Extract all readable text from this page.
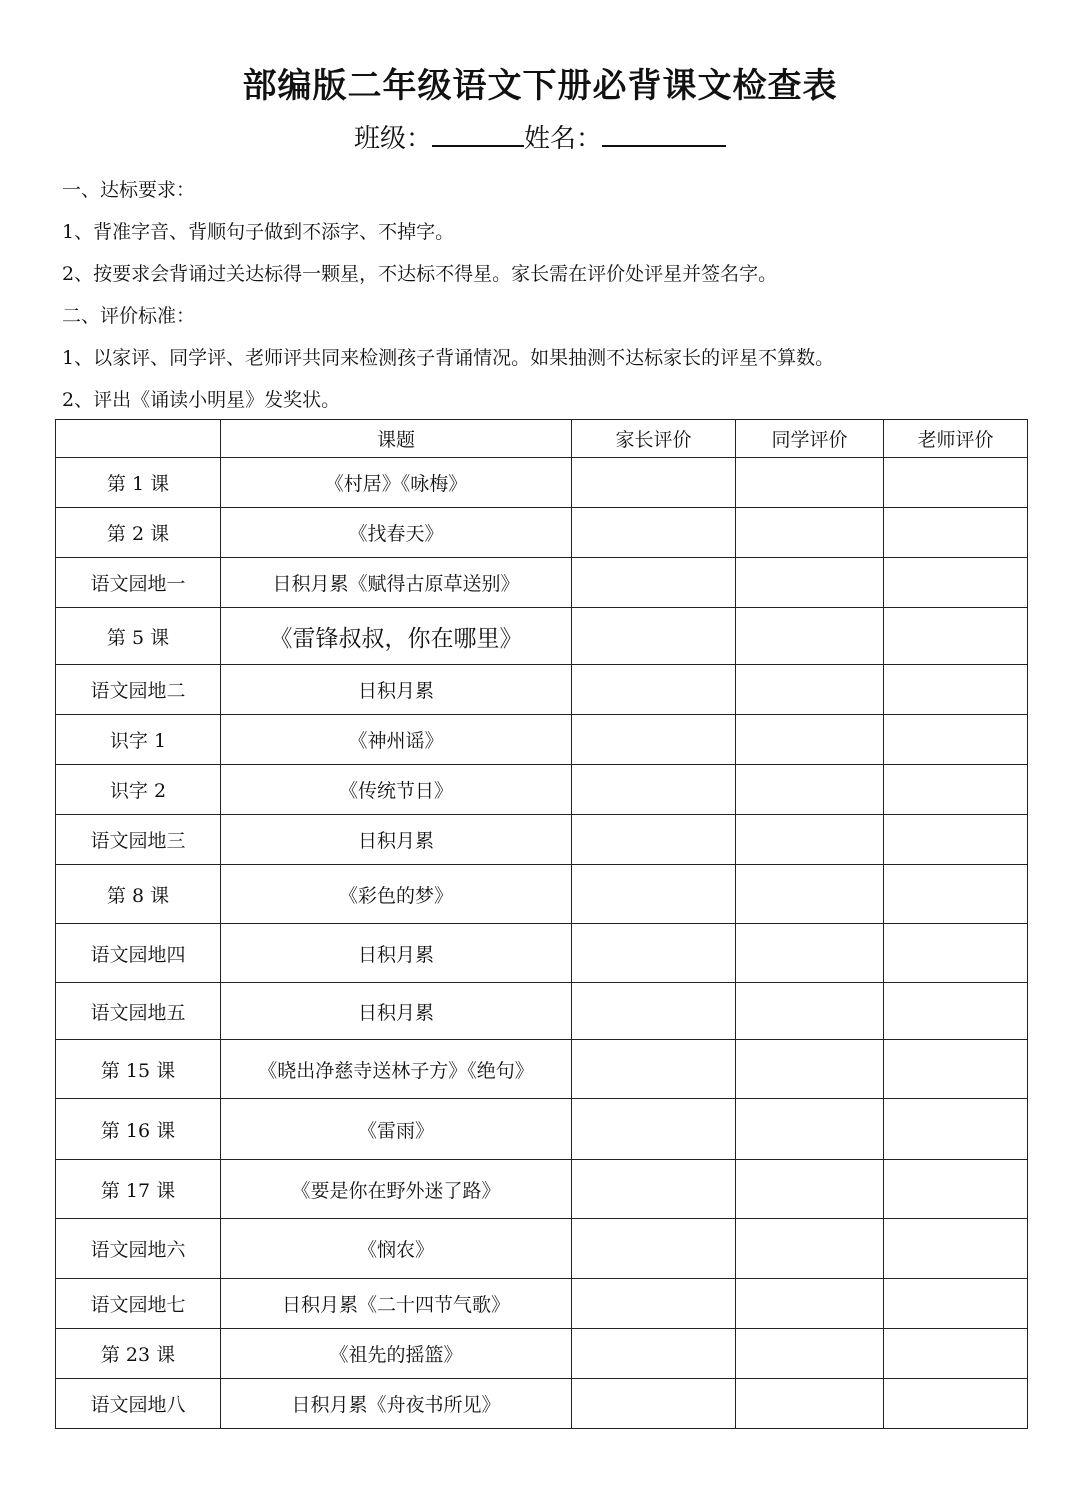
部编版二年级语文下册必背课文检查表
班级：	姓名：
一、达标要求：
1、背准字音、背顺句子做到不添字、不掉字。
2、按要求会背诵过关达标得一颗星，不达标不得星。家长需在评价处评星并签名字。
二、评价标准：
1、以家评、同学评、老师评共同来检测孩子背诵情况。如果抽测不达标家长的评星不算数。
2、评出《诵读小明星》发奖状。
	课题	家长评价	同学评价	老师评价
第 1 课	《村居》《咏梅》			
第 2 课	《找春天》			
语文园地一	日积月累《赋得古原草送别》			
第 5 课	《雷锋叔叔，你在哪里》			
语文园地二	日积月累			
识字 1	《神州谣》			
识字 2	《传统节日》			
语文园地三	日积月累			
第 8 课	《彩色的梦》			
语文园地四	日积月累			
语文园地五	日积月累			
第 15 课	《晓出净慈寺送林子方》《绝句》			
第 16 课	《雷雨》			
第 17 课	《要是你在野外迷了路》			
语文园地六	《悯农》			
语文园地七	日积月累《二十四节气歌》			
第 23 课	《祖先的摇篮》			
语文园地八	日积月累《舟夜书所见》			
